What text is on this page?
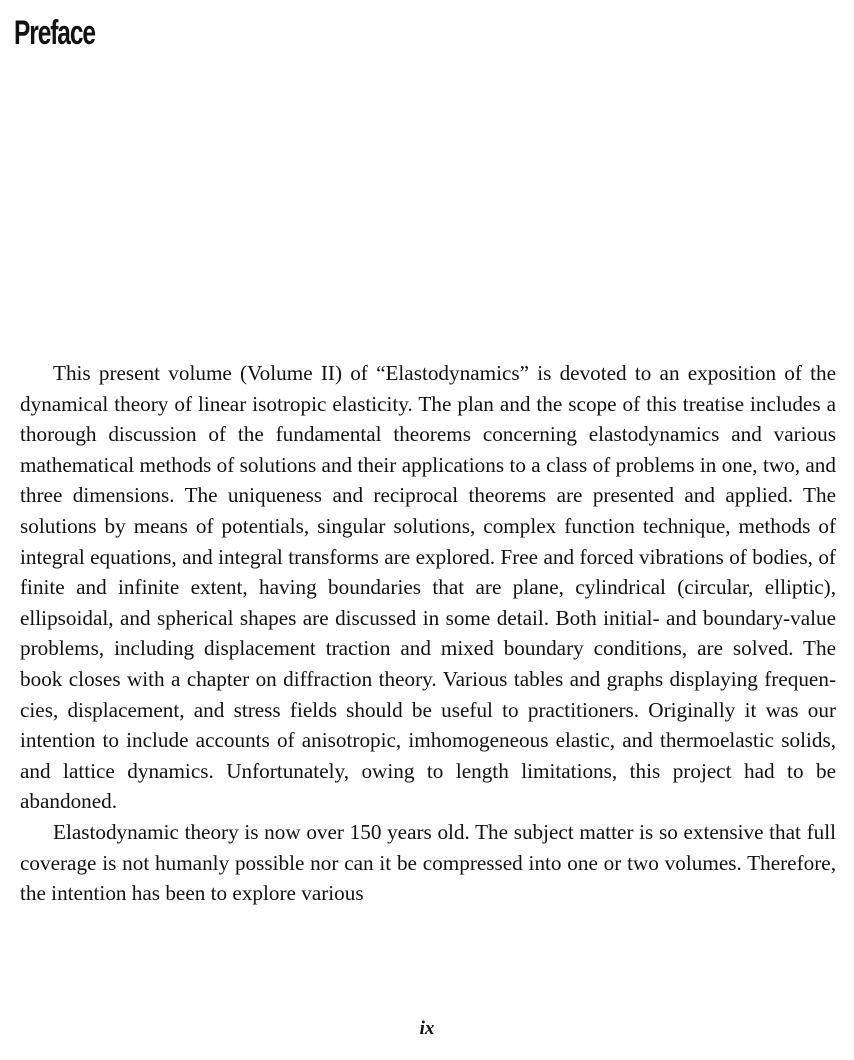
Preface

This present volume (Volume II) of “Elastodynamics” is devoted to an exposition of the dynamical theory of linear isotropic elasticity. The plan and the scope of this treatise includes a thorough discussion of the fundamental theorems concerning elastodynamics and various mathematical methods of solutions and their applications to a class of problems in one, two, and three dimensions. The uniqueness and reciprocal theorems are presented and applied. The solutions by means of potentials, singular solutions, complex function technique, methods of integral equations, and integral transforms are explored. Free and forced vibrations of bodies, of finite and infinite extent, having boundaries that are plane, cylindrical (circular, elliptic), ellipsoidal, and spherical shapes are discussed in some detail. Both initial- and boundary-value problems, including displacement traction and mixed boundary conditions, are solved. The book closes with a chapter on diffraction theory. Various tables and graphs displaying frequencies, displacement, and stress fields should be useful to practitioners. Originally it was our intention to include accounts of anisotropic, imhomogeneous elastic, and thermoelastic solids, and lattice dynamics. Unfortunately, owing to length limitations, this project had to be abandoned.

Elastodynamic theory is now over 150 years old. The subject matter is so extensive that full coverage is not humanly possible nor can it be compressed into one or two volumes. Therefore, the intention has been to explore various

ix
